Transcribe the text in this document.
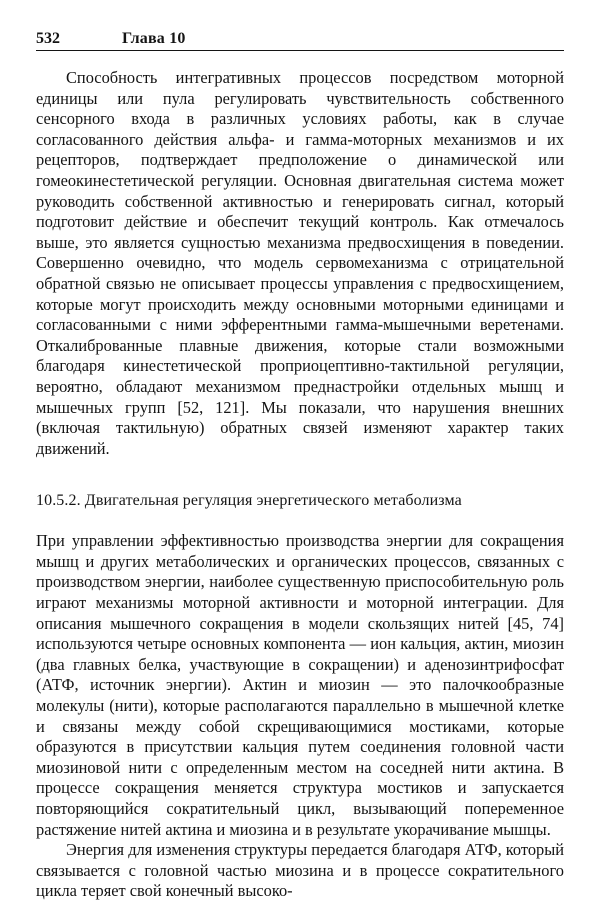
532	Глава 10

Способность интегративных процессов посредством моторной единицы или пула регулировать чувствительность собственного сенсорного входа в различных условиях работы, как в случае согласованного действия альфа- и гамма-моторных механизмов и их рецепторов, подтверждает предположение о динамической или гомеокинестетической регуляции. Основная двигательная система может руководить собственной активностью и генерировать сигнал, который подготовит действие и обеспечит текущий контроль. Как отмечалось выше, это является сущностью механизма предвосхищения в поведении. Совершенно очевидно, что модель сервомеханизма с отрицательной обратной связью не описывает процессы управления с предвосхищением, которые могут происходить между основными моторными единицами и согласованными с ними эфферентными гамма-мышечными веретенами. Откалиброванные плавные движения, которые стали возможными благодаря кинестетической проприоцептивно-тактильной регуляции, вероятно, обладают механизмом преднастройки отдельных мышц и мышечных групп [52, 121]. Мы показали, что нарушения внешних (включая тактильную) обратных связей изменяют характер таких движений.

10.5.2. Двигательная регуляция энергетического метаболизма

При управлении эффективностью производства энергии для сокращения мышц и других метаболических и органических процессов, связанных с производством энергии, наиболее существенную приспособительную роль играют механизмы моторной активности и моторной интеграции. Для описания мышечного сокращения в модели скользящих нитей [45, 74] используются четыре основных компонента — ион кальция, актин, миозин (два главных белка, участвующие в сокращении) и аденозинтрифосфат (АТФ, источник энергии). Актин и миозин — это палочкообразные молекулы (нити), которые располагаются параллельно в мышечной клетке и связаны между собой скрещивающимися мостиками, которые образуются в присутствии кальция путем соединения головной части миозиновой нити с определенным местом на соседней нити актина. В процессе сокращения меняется структура мостиков и запускается повторяющийся сократительный цикл, вызывающий попеременное растяжение нитей актина и миозина и в результате укорачивание мышцы.

Энергия для изменения структуры передается благодаря АТФ, который связывается с головной частью миозина и в процессе сократительного цикла теряет свой конечный высоко-
